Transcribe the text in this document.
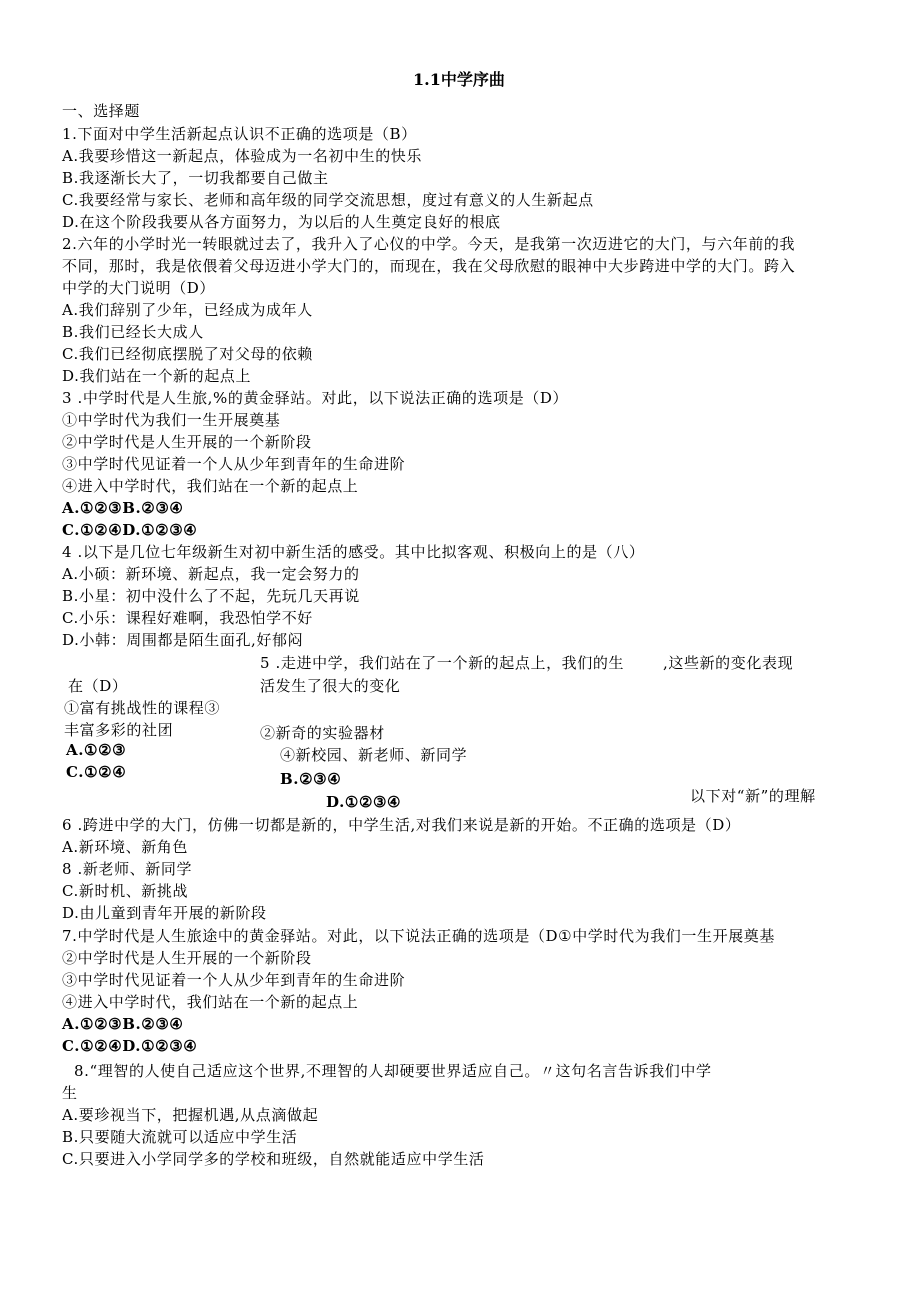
1.1中学序曲
一、选择题
1.下面对中学生活新起点认识不正确的选项是（B）
A.我要珍惜这一新起点，体验成为一名初中生的快乐
B.我逐渐长大了，一切我都要自己做主
C.我要经常与家长、老师和高年级的同学交流思想，度过有意义的人生新起点
D.在这个阶段我要从各方面努力，为以后的人生奠定良好的根底
2.六年的小学时光一转眼就过去了，我升入了心仪的中学。今天，是我第一次迈进它的大门，与六年前的我
不同，那时，我是依偎着父母迈进小学大门的，而现在，我在父母欣慰的眼神中大步跨进中学的大门。跨入
中学的大门说明（D）
A.我们辞别了少年，已经成为成年人
B.我们已经长大成人
C.我们已经彻底摆脱了对父母的依赖
D.我们站在一个新的起点上
3 .中学时代是人生旅,%的黄金驿站。对此，以下说法正确的选项是（D）
①中学时代为我们一生开展奠基
②中学时代是人生开展的一个新阶段
③中学时代见证着一个人从少年到青年的生命进阶
④进入中学时代，我们站在一个新的起点上
A.①②③B.②③④
C.①②④D.①②③④
4 .以下是几位七年级新生对初中新生活的感受。其中比拟客观、积极向上的是（八）
A.小硕：新环境、新起点，我一定会努力的
B.小星：初中没什么了不起，先玩几天再说
C.小乐：课程好难啊，我恐怕学不好
D.小韩：周围都是陌生面孔,好郁闷
5 .走进中学，我们站在了一个新的起点上，我们的生	,这些新的变化表现
活发生了很大的变化
在（D）
①富有挑战性的课程③
丰富多彩的社团	②新奇的实验器材
A.①②③	④新校园、新老师、新同学
C.①②④	B.②③④
以下对“新”的理解
D.①②③④
6 .跨进中学的大门，仿佛一切都是新的，中学生活,对我们来说是新的开始。不正确的选项是（D）
A.新环境、新角色
8 .新老师、新同学
C.新时机、新挑战
D.由儿童到青年开展的新阶段
7.中学时代是人生旅途中的黄金驿站。对此，以下说法正确的选项是（D①中学时代为我们一生开展奠基
②中学时代是人生开展的一个新阶段
③中学时代见证着一个人从少年到青年的生命进阶
④进入中学时代，我们站在一个新的起点上
A.①②③B.②③④
C.①②④D.①②③④
8.“理智的人使自己适应这个世界,不理智的人却硬要世界适应自己。〃这句名言告诉我们中学
生
A.要珍视当下，把握机遇,从点滴做起
B.只要随大流就可以适应中学生活
C.只要进入小学同学多的学校和班级，自然就能适应中学生活
